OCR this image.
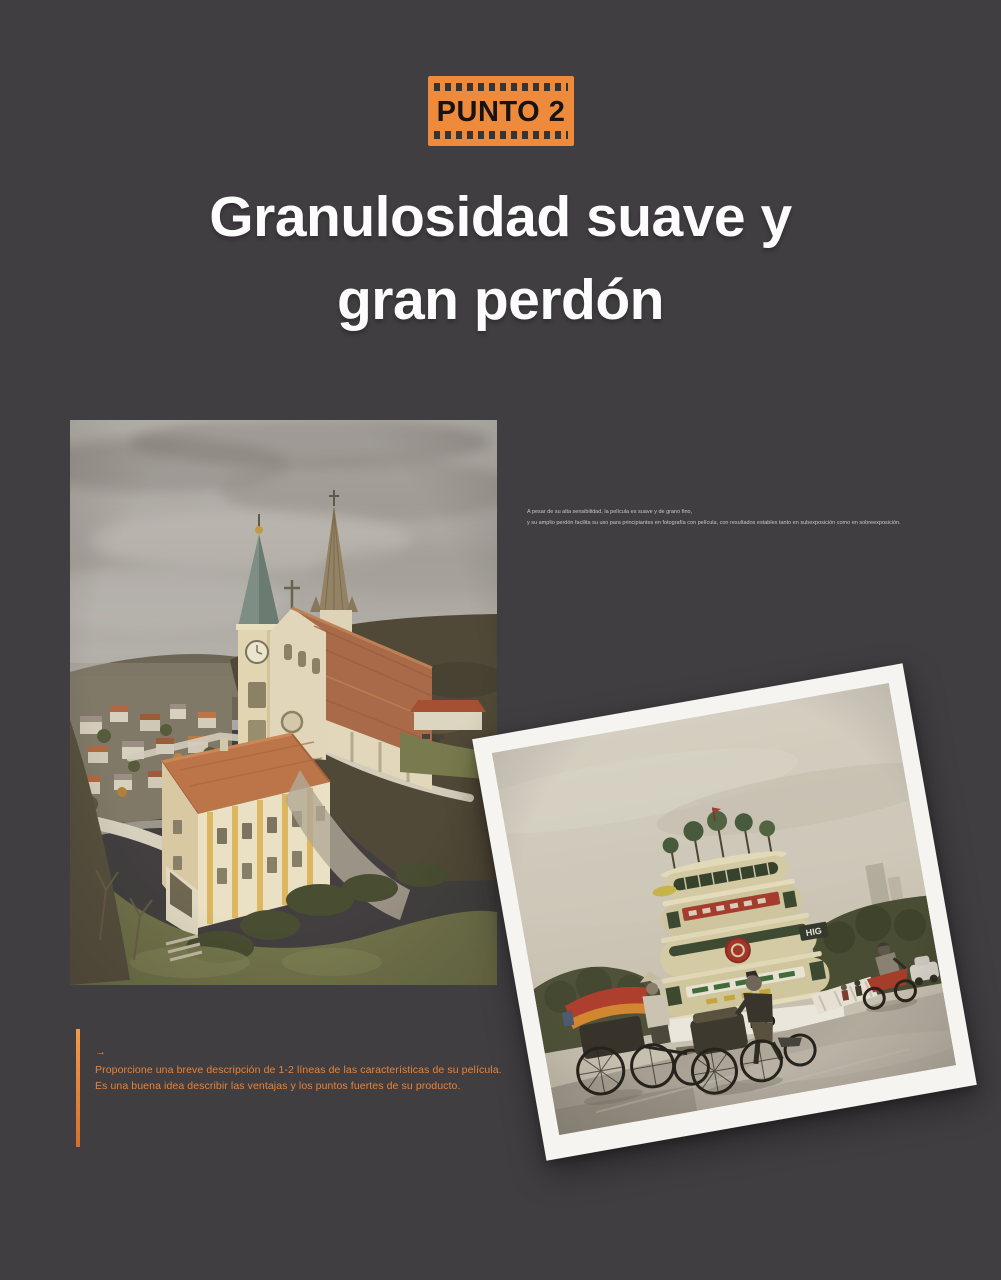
PUNTO 2
Granulosidad suave y
gran perdón
A pesar de su alta sensibilidad, la película es suave y de grano fino,
y su amplio perdón facilita su uso para principiantes en fotografía con película, con resultados estables tanto en subexposición como en sobreexposición.
→
Proporcione una breve descripción de 1-2 líneas de las características de su película.
Es una buena idea describir las ventajas y los puntos fuertes de su producto.
